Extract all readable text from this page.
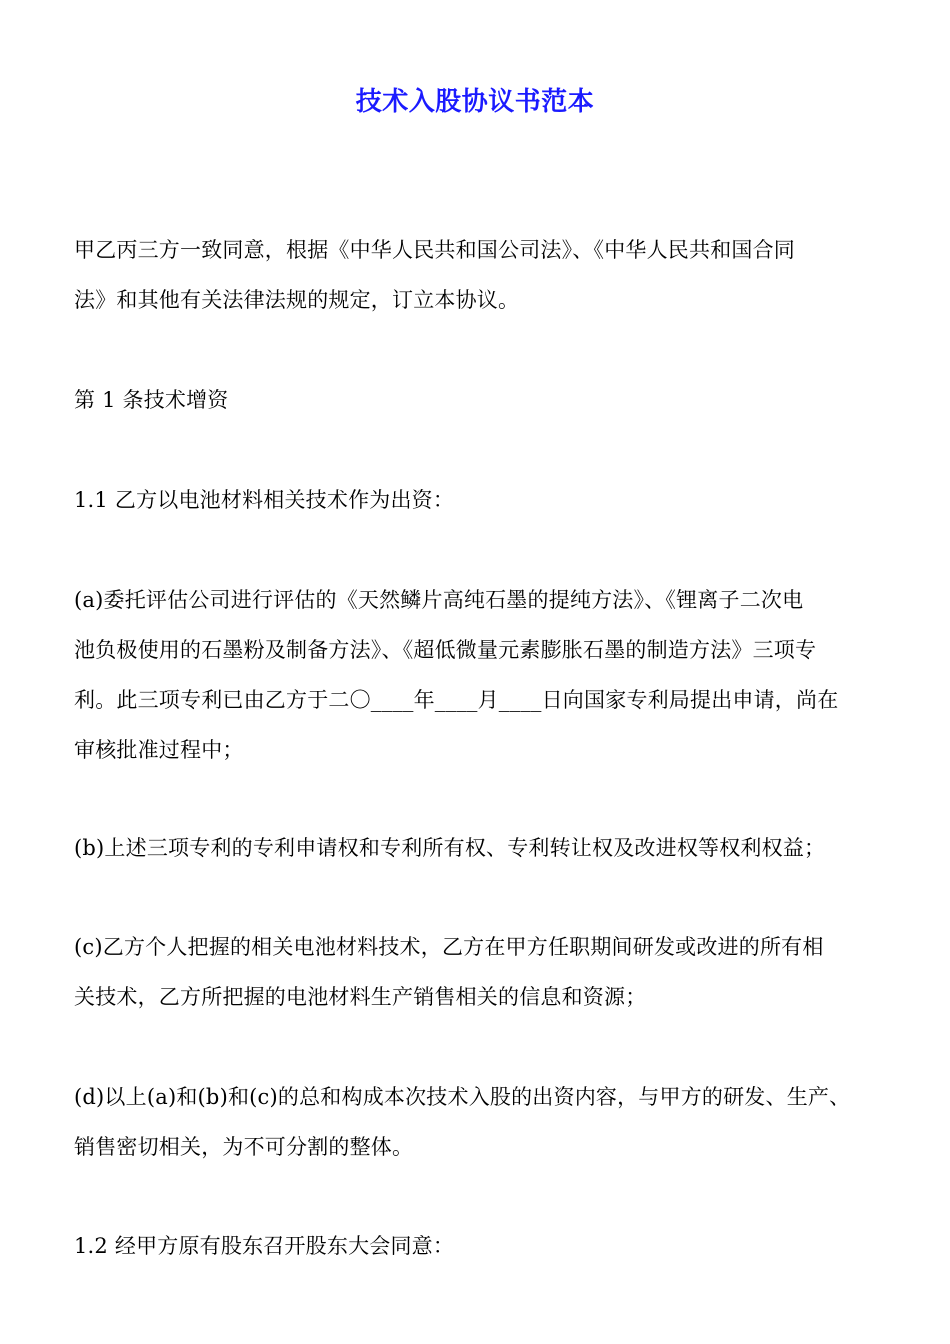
技术入股协议书范本
甲乙丙三方一致同意，根据《中华人民共和国公司法》、《中华人民共和国合同
法》和其他有关法律法规的规定，订立本协议。
第 1 条技术增资
1.1 乙方以电池材料相关技术作为出资：
(a)委托评估公司进行评估的《天然鳞片高纯石墨的提纯方法》、《锂离子二次电
池负极使用的石墨粉及制备方法》、《超低微量元素膨胀石墨的制造方法》三项专
利。此三项专利已由乙方于二〇____年____月____日向国家专利局提出申请，尚在
审核批准过程中；
(b)上述三项专利的专利申请权和专利所有权、专利转让权及改进权等权利权益；
(c)乙方个人把握的相关电池材料技术，乙方在甲方任职期间研发或改进的所有相
关技术，乙方所把握的电池材料生产销售相关的信息和资源；
(d)以上(a)和(b)和(c)的总和构成本次技术入股的出资内容，与甲方的研发、生产、
销售密切相关，为不可分割的整体。
1.2 经甲方原有股东召开股东大会同意：
